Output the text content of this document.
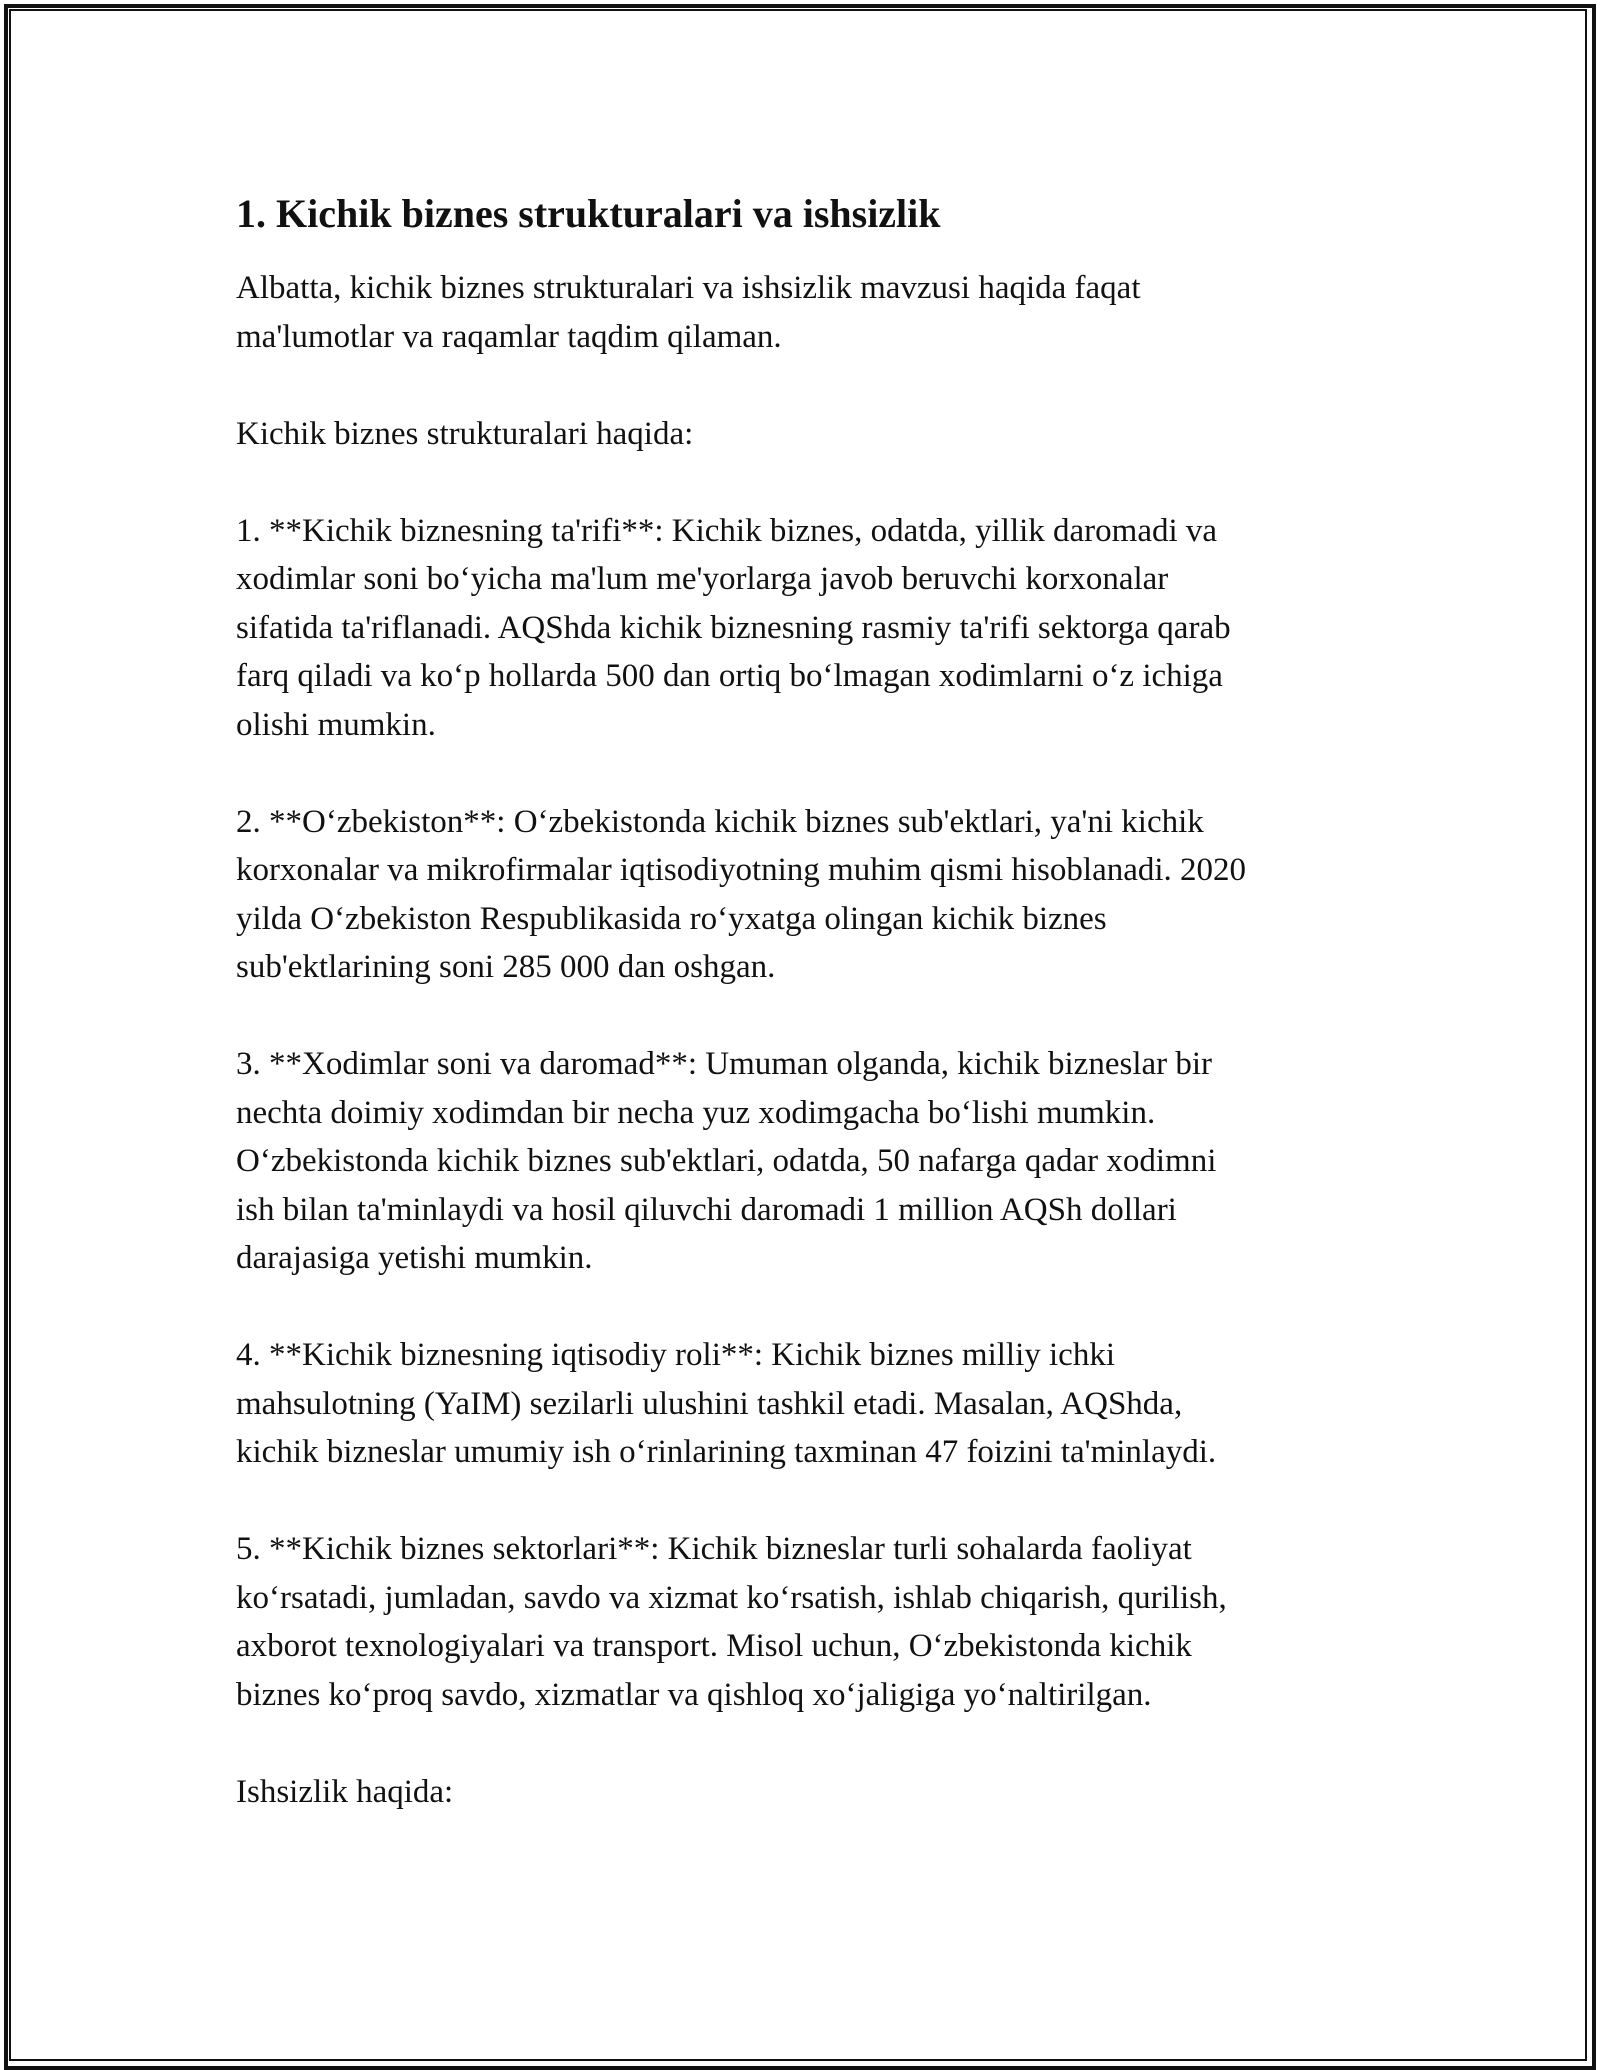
1. Kichik biznes strukturalari va ishsizlik
Albatta, kichik biznes strukturalari va ishsizlik mavzusi haqida faqat
ma'lumotlar va raqamlar taqdim qilaman.
Kichik biznes strukturalari haqida:
1. **Kichik biznesning ta'rifi**: Kichik biznes, odatda, yillik daromadi va
xodimlar soni bo‘yicha ma'lum me'yorlarga javob beruvchi korxonalar
sifatida ta'riflanadi. AQShda kichik biznesning rasmiy ta'rifi sektorga qarab
farq qiladi va ko‘p hollarda 500 dan ortiq bo‘lmagan xodimlarni o‘z ichiga
olishi mumkin.
2. **O‘zbekiston**: O‘zbekistonda kichik biznes sub'ektlari, ya'ni kichik
korxonalar va mikrofirmalar iqtisodiyotning muhim qismi hisoblanadi. 2020
yilda O‘zbekiston Respublikasida ro‘yxatga olingan kichik biznes
sub'ektlarining soni 285 000 dan oshgan.
3. **Xodimlar soni va daromad**: Umuman olganda, kichik bizneslar bir
nechta doimiy xodimdan bir necha yuz xodimgacha bo‘lishi mumkin.
O‘zbekistonda kichik biznes sub'ektlari, odatda, 50 nafarga qadar xodimni
ish bilan ta'minlaydi va hosil qiluvchi daromadi 1 million AQSh dollari
darajasiga yetishi mumkin.
4. **Kichik biznesning iqtisodiy roli**: Kichik biznes milliy ichki
mahsulotning (YaIM) sezilarli ulushini tashkil etadi. Masalan, AQShda,
kichik bizneslar umumiy ish o‘rinlarining taxminan 47 foizini ta'minlaydi.
5. **Kichik biznes sektorlari**: Kichik bizneslar turli sohalarda faoliyat
ko‘rsatadi, jumladan, savdo va xizmat ko‘rsatish, ishlab chiqarish, qurilish,
axborot texnologiyalari va transport. Misol uchun, O‘zbekistonda kichik
biznes ko‘proq savdo, xizmatlar va qishloq xo‘jaligiga yo‘naltirilgan.
Ishsizlik haqida:
